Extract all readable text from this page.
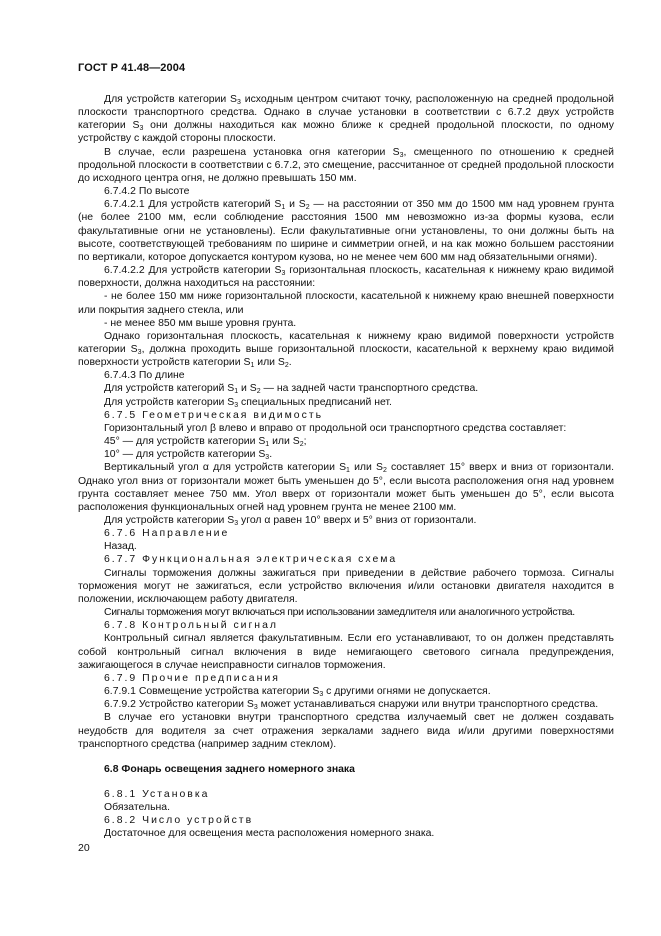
ГОСТ Р 41.48—2004

Для устройств категории $S_3$ исходным центром считают точку, расположенную на средней продольной плоскости транспортного средства. Однако в случае установки в соответствии с 6.7.2 двух устройств категории $S_3$ они должны находиться как можно ближе к средней продольной плоскости, по одному устройству с каждой стороны плоскости.

В случае, если разрешена установка огня категории $S_3$, смещенного по отношению к средней продольной плоскости в соответствии с 6.7.2, это смещение, рассчитанное от средней продольной плоскости до исходного центра огня, не должно превышать 150 мм.

6.7.4.2 По высоте

6.7.4.2.1 Для устройств категорий $S_1$ и $S_2$ — на расстоянии от 350 мм до 1500 мм над уровнем грунта (не более 2100 мм, если соблюдение расстояния 1500 мм невозможно из-за формы кузова, если факультативные огни не установлены). Если факультативные огни установлены, то они должны быть на высоте, соответствующей требованиям по ширине и симметрии огней, и на как можно большем расстоянии по вертикали, которое допускается контуром кузова, но не менее чем 600 мм над обязательными огнями).

6.7.4.2.2 Для устройств категории $S_3$ горизонтальная плоскость, касательная к нижнему краю видимой поверхности, должна находиться на расстоянии:

- не более 150 мм ниже горизонтальной плоскости, касательной к нижнему краю внешней поверхности или покрытия заднего стекла, или

- не менее 850 мм выше уровня грунта.

Однако горизонтальная плоскость, касательная к нижнему краю видимой поверхности устройств категории $S_3$, должна проходить выше горизонтальной плоскости, касательной к верхнему краю видимой поверхности устройств категории $S_1$ или $S_2$.

6.7.4.3 По длине

Для устройств категорий $S_1$ и $S_2$ — на задней части транспортного средства.

Для устройств категории $S_3$ специальных предписаний нет.

6.7.5 Геометрическая видимость

Горизонтальный угол β влево и вправо от продольной оси транспортного средства составляет:

45° — для устройств категории $S_1$ или $S_2$;

10° — для устройств категории $S_3$.

Вертикальный угол α для устройств категории $S_1$ или $S_2$ составляет 15° вверх и вниз от горизонтали. Однако угол вниз от горизонтали может быть уменьшен до 5°, если высота расположения огня над уровнем грунта составляет менее 750 мм. Угол вверх от горизонтали может быть уменьшен до 5°, если высота расположения функциональных огней над уровнем грунта не менее 2100 мм.

Для устройств категории $S_3$ угол α равен 10° вверх и 5° вниз от горизонтали.

6.7.6 Направление

Назад.

6.7.7 Функциональная электрическая схема

Сигналы торможения должны зажигаться при приведении в действие рабочего тормоза. Сигналы торможения могут не зажигаться, если устройство включения и/или остановки двигателя находится в положении, исключающем работу двигателя.

Сигналы торможения могут включаться при использовании замедлителя или аналогичного устройства.

6.7.8 Контрольный сигнал

Контрольный сигнал является факультативным. Если его устанавливают, то он должен представлять собой контрольный сигнал включения в виде немигающего светового сигнала предупреждения, зажигающегося в случае неисправности сигналов торможения.

6.7.9 Прочие предписания

6.7.9.1 Совмещение устройства категории $S_3$ с другими огнями не допускается.

6.7.9.2 Устройство категории $S_3$ может устанавливаться снаружи или внутри транспортного средства.

В случае его установки внутри транспортного средства излучаемый свет не должен создавать неудобств для водителя за счет отражения зеркалами заднего вида и/или другими поверхностями транспортного средства (например задним стеклом).

6.8 Фонарь освещения заднего номерного знака

6.8.1 Установка

Обязательна.

6.8.2 Число устройств

Достаточное для освещения места расположения номерного знака.

20
